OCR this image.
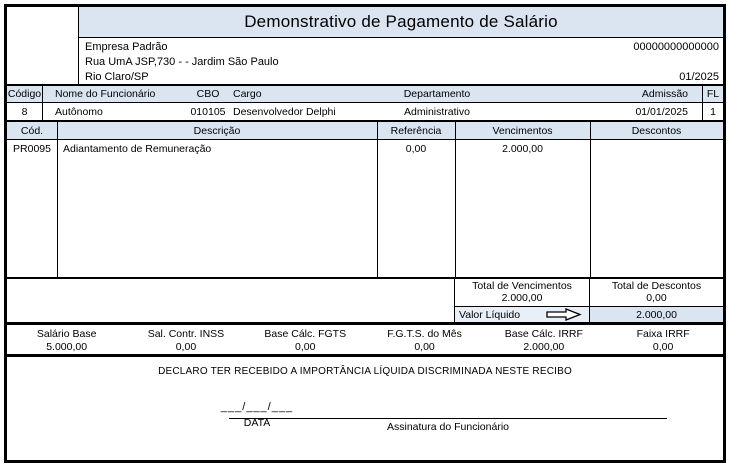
Demonstrativo de Pagamento de Salário
Empresa Padrão	00000000000000
Rua UmA JSP,730 - - Jardim São Paulo
Rio Claro/SP	01/2025
Código	Nome do Funcionário	CBO	Cargo	Departamento	Admissão	FL
8	Autônomo	010105 Desenvolvedor Delphi	Administrativo	01/01/2025	1
Cód.	Descrição	Referência	Vencimentos	Descontos
PR0095	Adiantamento de Remuneração	0,00	2.000,00
Total de Vencimentos
2.000,00
Total de Descontos
0,00
Valor Líquido	2.000,00
Salário Base
5.000,00
Sal. Contr. INSS
0,00
Base Cálc. FGTS
0,00
F.G.T.S. do Mês
0,00
Base Cálc. IRRF
2.000,00
Faixa IRRF
0,00
DECLARO TER RECEBIDO A IMPORTÂNCIA LÍQUIDA DISCRIMINADA NESTE RECIBO
___/___/___
DATA	Assinatura do Funcionário
